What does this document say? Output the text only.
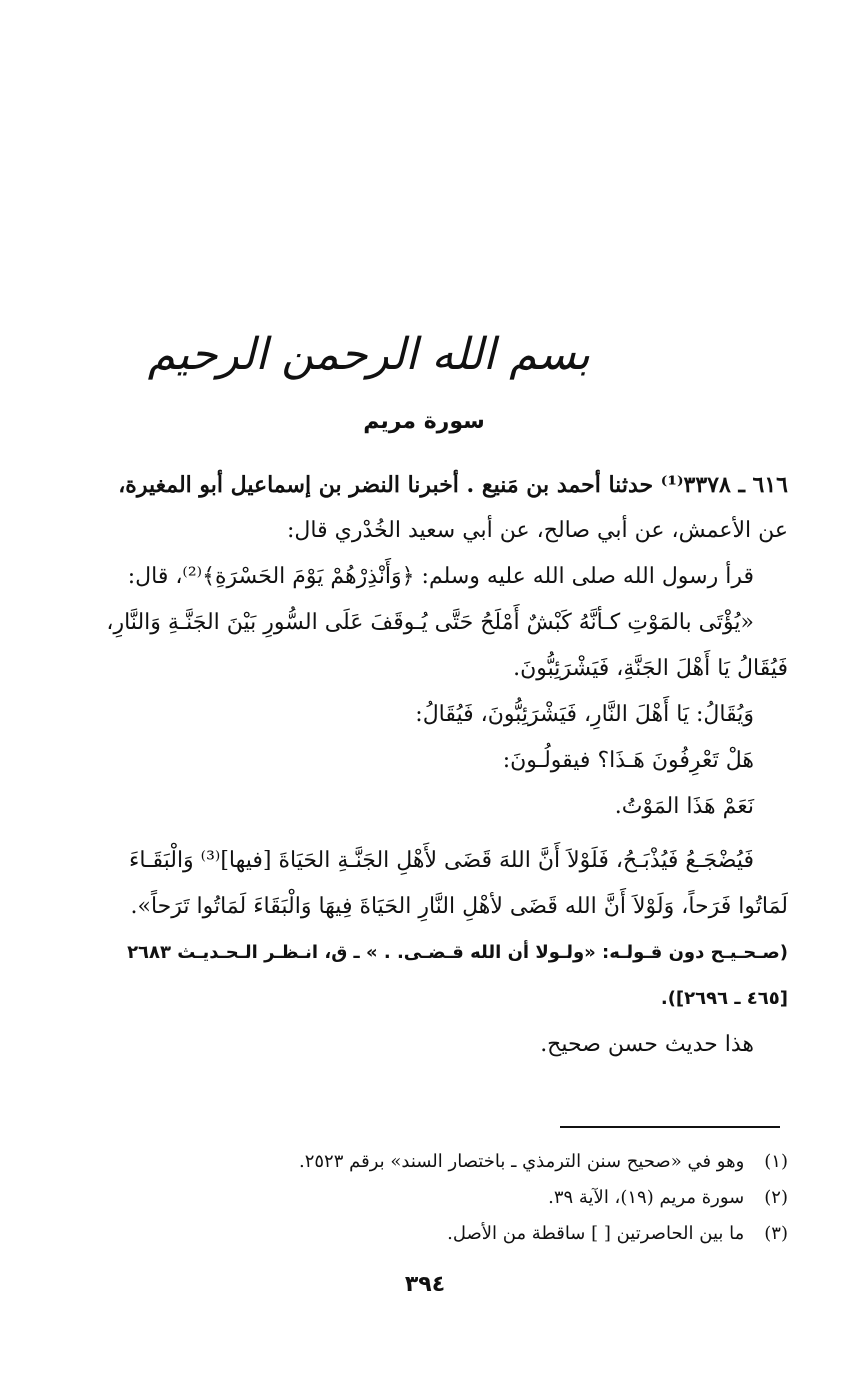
بسم الله الرحمن الرحيم
سورة مريم
٦١٦ ـ ٣٣٧٨⁽¹⁾ حدثنا أحمد بن مَنيع . أخبرنا النضر بن إسماعيل أبو المغيرة،
عن الأعمش، عن أبي صالح، عن أبي سعيد الخُدْري قال:
قرأ رسول الله صلى الله عليه وسلم: ﴿وَأَنْذِرْهُمْ يَوْمَ الحَسْرَةِ﴾⁽²⁾، قال:
«يُؤْتَى بالمَوْتِ كـأنَّهُ كَبْشٌ أَمْلَحُ حَتَّى يُـوقَفَ عَلَى السُّورِ بَيْنَ الجَنَّـةِ وَالنَّارِ،
فَيُقَالُ يَا أَهْلَ الجَنَّةِ، فَيَشْرَئِبُّونَ.
وَيُقَالُ: يَا أَهْلَ النَّارِ، فَيَشْرَئِبُّونَ، فَيُقَالُ:
هَلْ تَعْرِفُونَ هَـذَا؟ فيقولُـونَ:
نَعَمْ هَذَا المَوْتُ.
فَيُضْجَـعُ فَيُذْبَـحُ، فَلَوْلاَ أَنَّ اللهَ قَضَى لأَهْلِ الجَنَّـةِ الحَيَاةَ [فيها]⁽³⁾ وَالْبَقَـاءَ
لَمَاتُوا فَرَحاً، وَلَوْلاَ أَنَّ الله قَضَى لأهْلِ النَّارِ الحَيَاةَ فِيهَا وَالْبَقَاءَ لَمَاتُوا تَرَحاً».
(صـحـيـح دون قـولـه: «ولـولا أن الله قـضـى. . » ـ ق، انـظـر الـحـديـث ٢٦٨٣
[٤٦٥ ـ ٢٦٩٦]).
هذا حديث حسن صحيح.
(١) وهو في «صحيح سنن الترمذي ـ باختصار السند» برقم ٢٥٢٣.
(٢) سورة مريم (١٩)، الآية ٣٩.
(٣) ما بين الحاصرتين [ ] ساقطة من الأصل.
٣٩٤
